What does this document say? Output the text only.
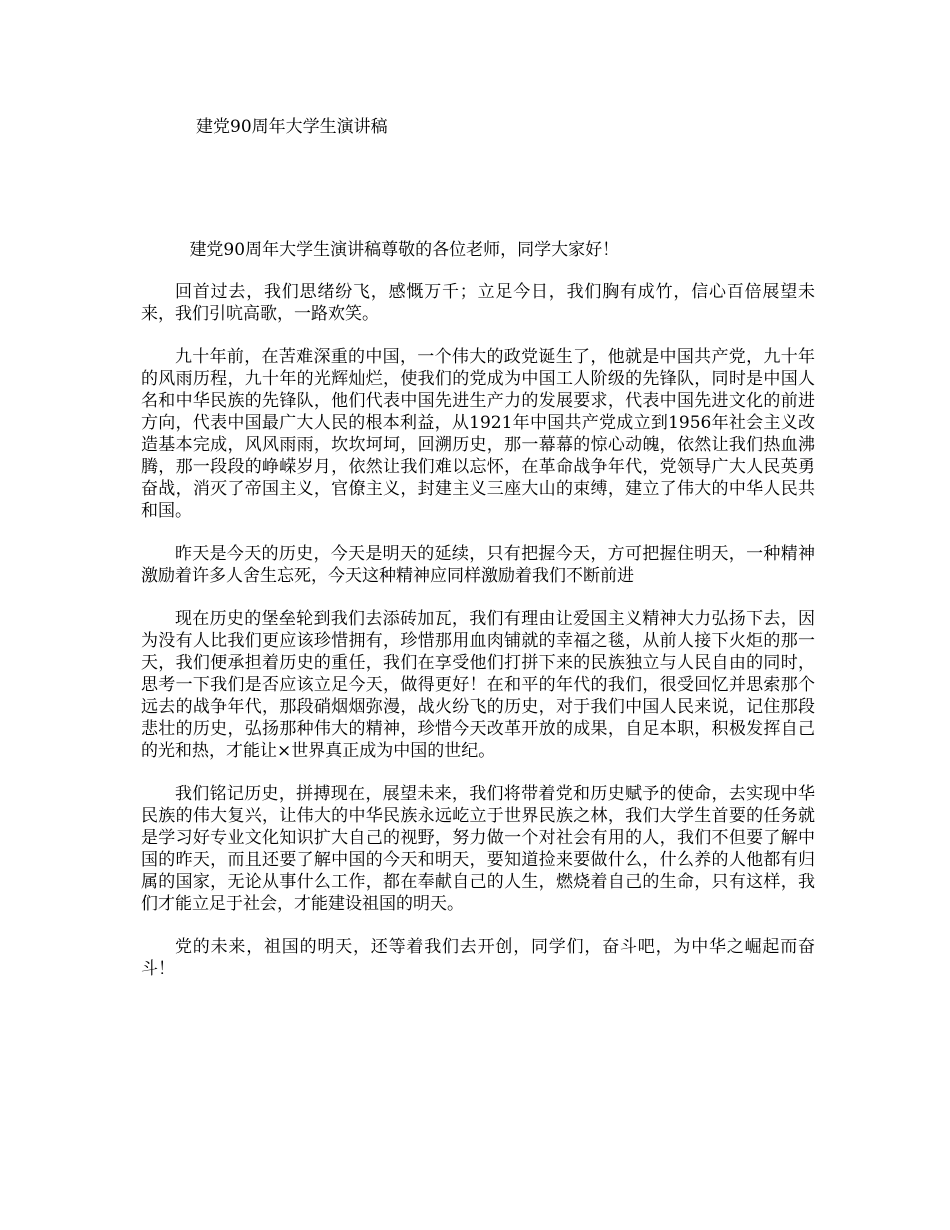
建党90周年大学生演讲稿

建党90周年大学生演讲稿尊敬的各位老师，同学大家好！

回首过去，我们思绪纷飞，感慨万千；立足今日，我们胸有成竹，信心百倍展望未来，我们引吭高歌，一路欢笑。

九十年前，在苦难深重的中国，一个伟大的政党诞生了，他就是中国共产党，九十年的风雨历程，九十年的光辉灿烂，使我们的党成为中国工人阶级的先锋队，同时是中国人名和中华民族的先锋队，他们代表中国先进生产力的发展要求，代表中国先进文化的前进方向，代表中国最广大人民的根本利益，从1921年中国共产党成立到1956年社会主义改造基本完成，风风雨雨，坎坎坷坷，回溯历史，那一幕幕的惊心动魄，依然让我们热血沸腾，那一段段的峥嵘岁月，依然让我们难以忘怀，在革命战争年代，党领导广大人民英勇奋战，消灭了帝国主义，官僚主义，封建主义三座大山的束缚，建立了伟大的中华人民共和国。

昨天是今天的历史，今天是明天的延续，只有把握今天，方可把握住明天，一种精神激励着许多人舍生忘死，今天这种精神应同样激励着我们不断前进

现在历史的堡垒轮到我们去添砖加瓦，我们有理由让爱国主义精神大力弘扬下去，因为没有人比我们更应该珍惜拥有，珍惜那用血肉铺就的幸福之毯，从前人接下火炬的那一天，我们便承担着历史的重任，我们在享受他们打拼下来的民族独立与人民自由的同时，思考一下我们是否应该立足今天，做得更好！在和平的年代的我们，很受回忆并思索那个远去的战争年代，那段硝烟烟弥漫，战火纷飞的历史，对于我们中国人民来说，记住那段悲壮的历史，弘扬那种伟大的精神，珍惜今天改革开放的成果，自足本职，积极发挥自己的光和热，才能让×世界真正成为中国的世纪。

我们铭记历史，拼搏现在，展望未来，我们将带着党和历史赋予的使命，去实现中华民族的伟大复兴，让伟大的中华民族永远屹立于世界民族之林，我们大学生首要的任务就是学习好专业文化知识扩大自己的视野，努力做一个对社会有用的人，我们不但要了解中国的昨天，而且还要了解中国的今天和明天，要知道捡来要做什么，什么养的人他都有归属的国家，无论从事什么工作，都在奉献自己的人生，燃烧着自己的生命，只有这样，我们才能立足于社会，才能建设祖国的明天。

党的未来，祖国的明天，还等着我们去开创，同学们，奋斗吧，为中华之崛起而奋斗！
